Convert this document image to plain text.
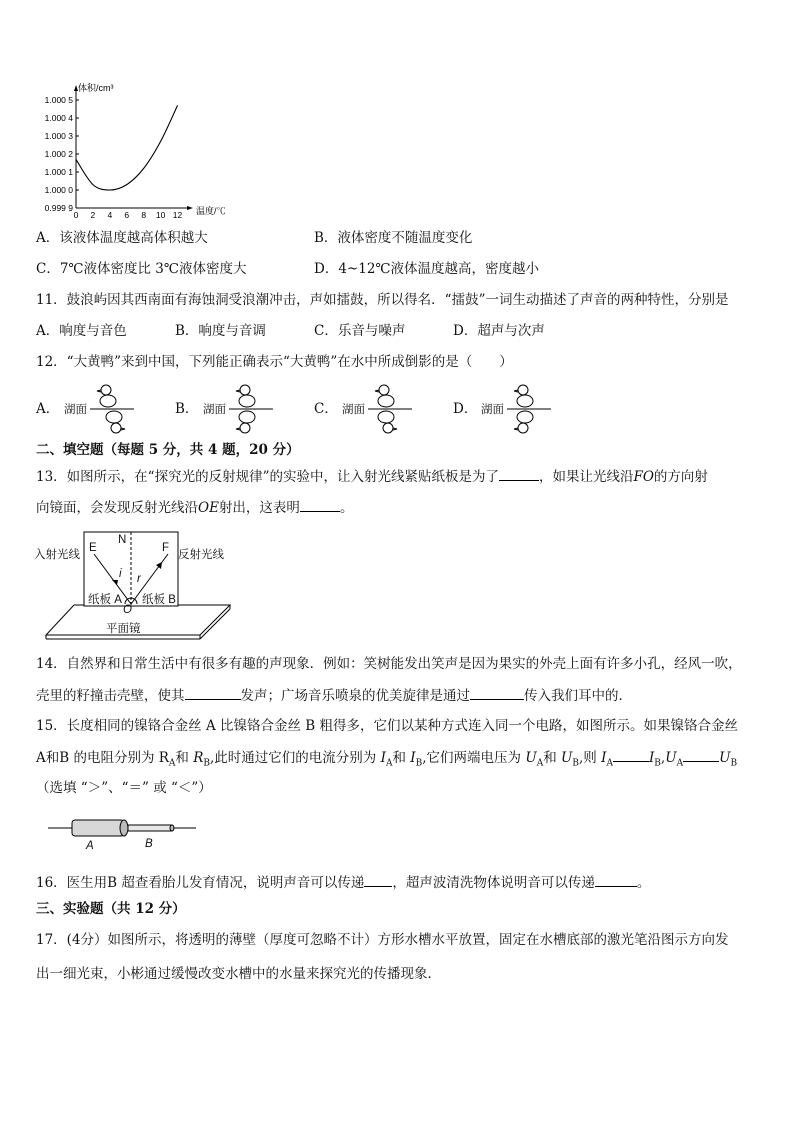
体积/cm³
1.000 5
1.000 4
1.000 3
1.000 2
1.000 1
1.000 0
0.999 9
0 2 4 6 8 10 12 温度/℃
A．该液体温度越高体积越大	B．液体密度不随温度变化
C．7℃液体密度比 3℃液体密度大	D．4~12℃液体温度越高，密度越小
11．鼓浪屿因其西南面有海蚀洞受浪潮冲击，声如擂鼓，所以得名．“擂鼓”一词生动描述了声音的两种特性，分别是
A．响度与音色	B．响度与音调	C．乐音与噪声	D．超声与次声
12．“大黄鸭”来到中国，下列能正确表示“大黄鸭”在水中所成倒影的是（　　）
A． 湖面	B． 湖面	C． 湖面	D． 湖面
二、填空题（每题 5 分，共 4 题，20 分）
13．如图所示，在“探究光的反射规律”的实验中，让入射光线紧贴纸板是为了	，如果让光线沿FO的方向射
向镜面，会发现反射光线沿OE射出，这表明	。
入射光线	反射光线
E
N
F
i r
纸板 A 纸板 B
O
平面镜
14．自然界和日常生活中有很多有趣的声现象．例如：笑树能发出笑声是因为果实的外壳上面有许多小孔，经风一吹，
壳里的籽撞击壳壁，使其	发声；广场音乐喷泉的优美旋律是通过	传入我们耳中的．
15．长度相同的镍铬合金丝 A 比镍铬合金丝 B 粗得多，它们以某种方式连入同一个电路，如图所示。如果镍铬合金丝
A和B 的电阻分别为 $R_A$和 $R_B$,此时通过它们的电流分别为 $I_A$和 $I_B$,它们两端电压为 $U_A$和 $U_B$,则 $I_A$	$I_B,U_A$	$U_B$
（选填 “＞”、“＝” 或 “＜”）
A	B
16．医生用B 超查看胎儿发育情况，说明声音可以传递 ，超声波清洗物体说明音可以传递	。
三、实验题（共 12 分）
17．(4分）如图所示，将透明的薄壁（厚度可忽略不计）方形水槽水平放置，固定在水槽底部的激光笔沿图示方向发
出一细光束，小彬通过缓慢改变水槽中的水量来探究光的传播现象．
